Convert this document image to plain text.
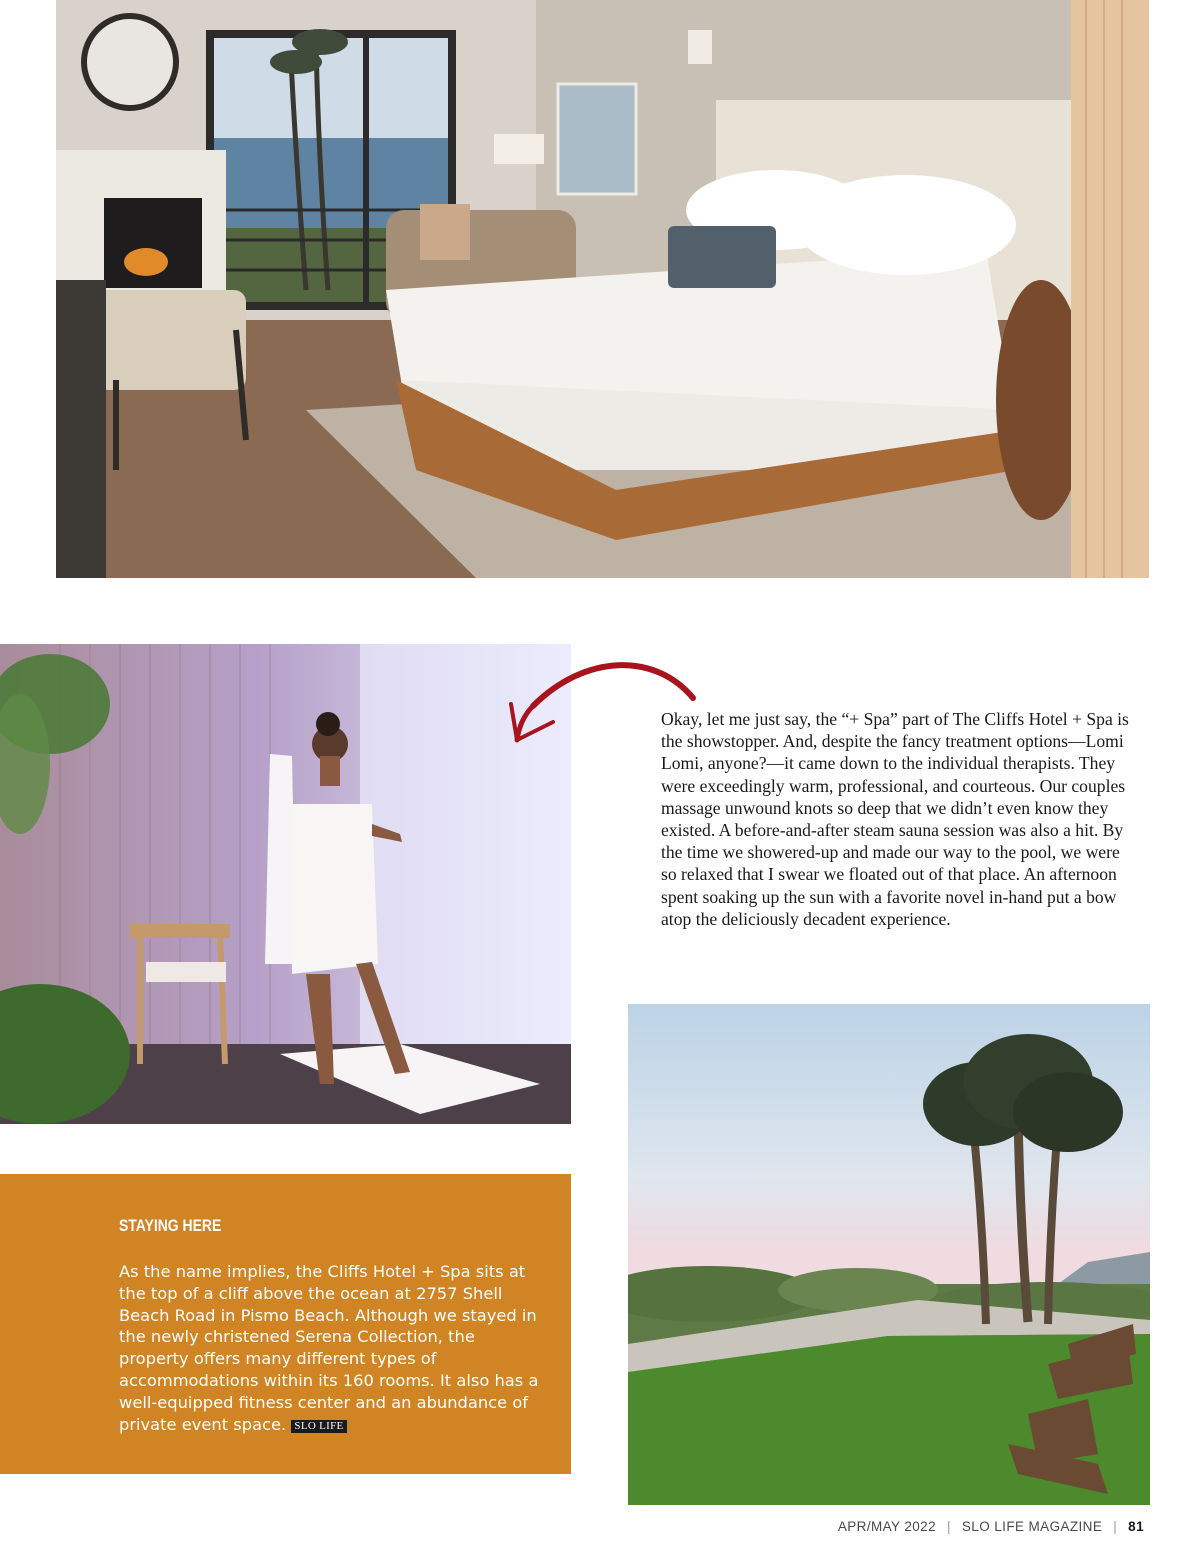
Okay, let me just say, the “+ Spa” part of The Cliffs Hotel + Spa is the showstopper. And, despite the fancy treatment options—Lomi Lomi, anyone?—it came down to the individual therapists. They were exceedingly warm, professional, and courteous. Our couples massage unwound knots so deep that we didn’t even know they existed. A before-and-after steam sauna session was also a hit. By the time we showered-up and made our way to the pool, we were so relaxed that I swear we floated out of that place. An afternoon spent soaking up the sun with a favorite novel in-hand put a bow atop the deliciously decadent experience.

STAYING HERE

As the name implies, the Cliffs Hotel + Spa sits at the top of a cliff above the ocean at 2757 Shell Beach Road in Pismo Beach. Although we stayed in the newly christened Serena Collection, the property offers many different types of accommodations within its 160 rooms. It also has a well-equipped fitness center and an abundance of private event space. SLO LIFE

APR/MAY 2022 | SLO LIFE MAGAZINE | 81
